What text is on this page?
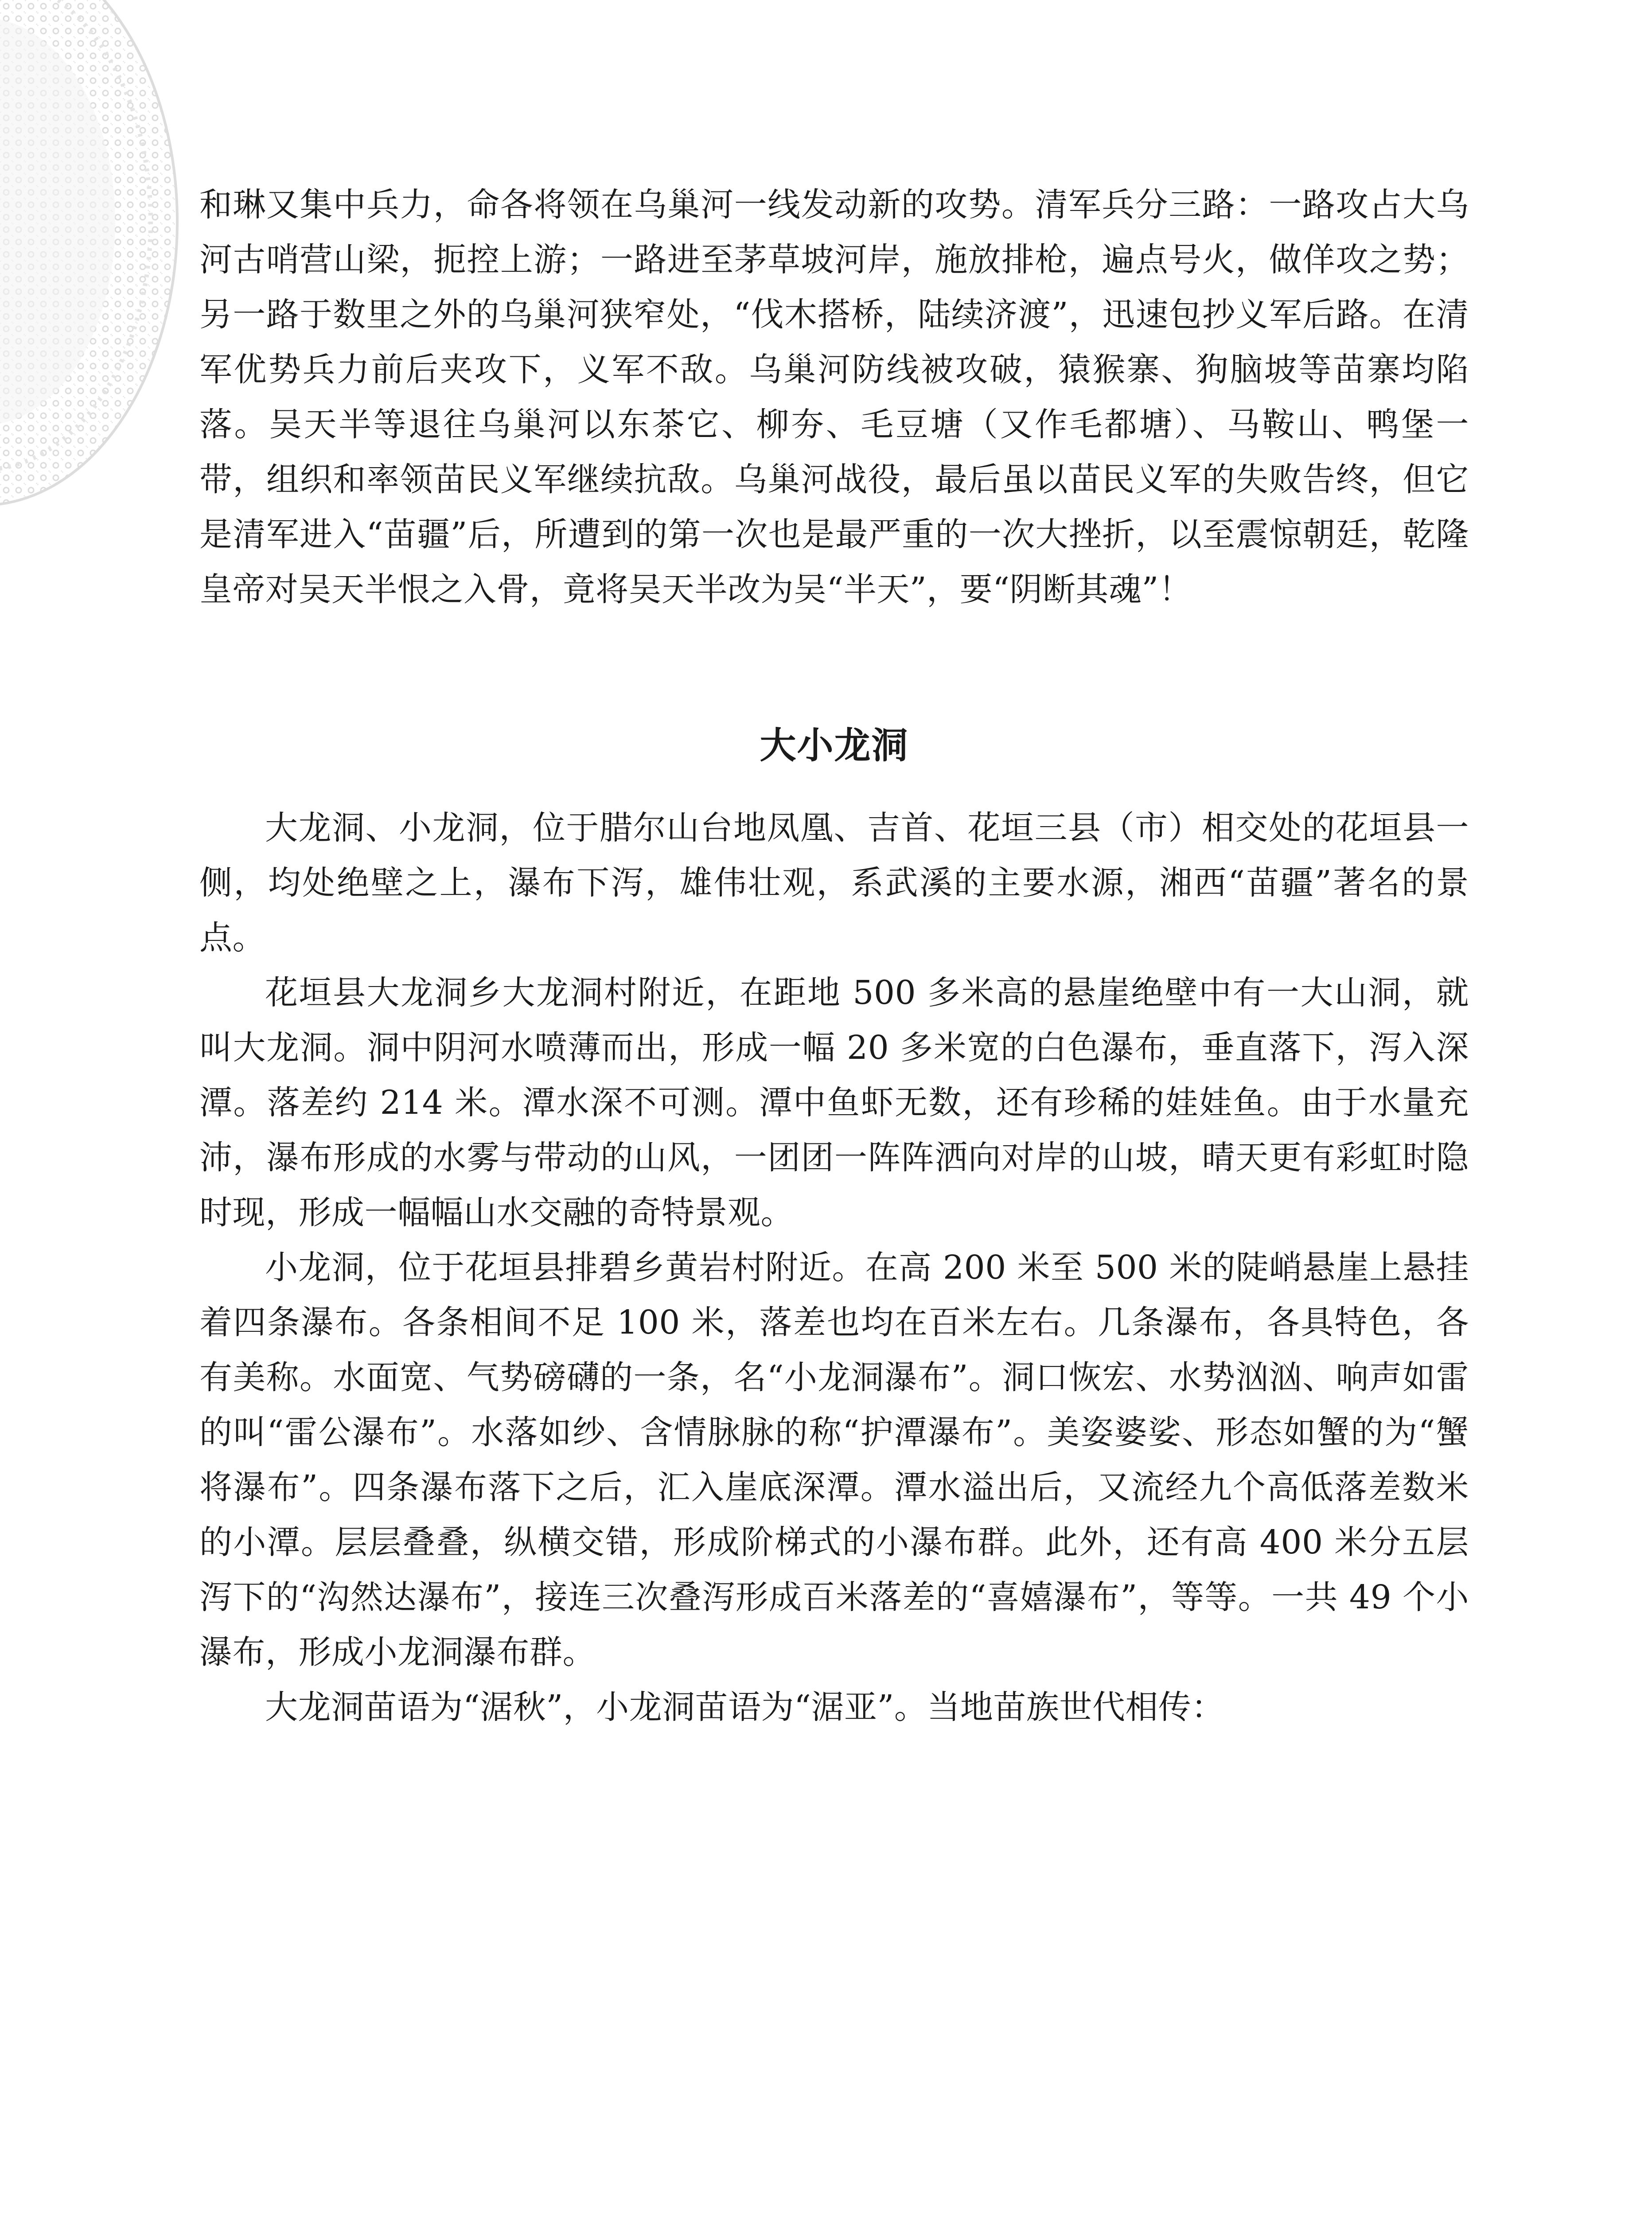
和琳又集中兵力，命各将领在乌巢河一线发动新的攻势。清军兵分三路：一路攻占大乌河古哨营山梁，扼控上游；一路进至茅草坡河岸，施放排枪，遍点号火，做佯攻之势；另一路于数里之外的乌巢河狭窄处，“伐木搭桥，陆续济渡”，迅速包抄义军后路。在清军优势兵力前后夹攻下，义军不敌。乌巢河防线被攻破，猿猴寨、狗脑坡等苗寨均陷落。吴天半等退往乌巢河以东茶它、柳夯、毛豆塘（又作毛都塘）、马鞍山、鸭堡一带，组织和率领苗民义军继续抗敌。乌巢河战役，最后虽以苗民义军的失败告终，但它是清军进入“苗疆”后，所遭到的第一次也是最严重的一次大挫折，以至震惊朝廷，乾隆皇帝对吴天半恨之入骨，竟将吴天半改为吴“半天”，要“阴断其魂”！

大小龙洞

大龙洞、小龙洞，位于腊尔山台地凤凰、吉首、花垣三县（市）相交处的花垣县一侧，均处绝壁之上，瀑布下泻，雄伟壮观，系武溪的主要水源，湘西“苗疆”著名的景点。

花垣县大龙洞乡大龙洞村附近，在距地 500 多米高的悬崖绝壁中有一大山洞，就叫大龙洞。洞中阴河水喷薄而出，形成一幅 20 多米宽的白色瀑布，垂直落下，泻入深潭。落差约 214 米。潭水深不可测。潭中鱼虾无数，还有珍稀的娃娃鱼。由于水量充沛，瀑布形成的水雾与带动的山风，一团团一阵阵洒向对岸的山坡，晴天更有彩虹时隐时现，形成一幅幅山水交融的奇特景观。

小龙洞，位于花垣县排碧乡黄岩村附近。在高 200 米至 500 米的陡峭悬崖上悬挂着四条瀑布。各条相间不足 100 米，落差也均在百米左右。几条瀑布，各具特色，各有美称。水面宽、气势磅礴的一条，名“小龙洞瀑布”。洞口恢宏、水势汹汹、响声如雷的叫“雷公瀑布”。水落如纱、含情脉脉的称“护潭瀑布”。美姿婆娑、形态如蟹的为“蟹将瀑布”。四条瀑布落下之后，汇入崖底深潭。潭水溢出后，又流经九个高低落差数米的小潭。层层叠叠，纵横交错，形成阶梯式的小瀑布群。此外，还有高 400 米分五层泻下的“沟然达瀑布”，接连三次叠泻形成百米落差的“喜嬉瀑布”，等等。一共 49 个小瀑布，形成小龙洞瀑布群。

大龙洞苗语为“涺秋”，小龙洞苗语为“涺亚”。当地苗族世代相传：
